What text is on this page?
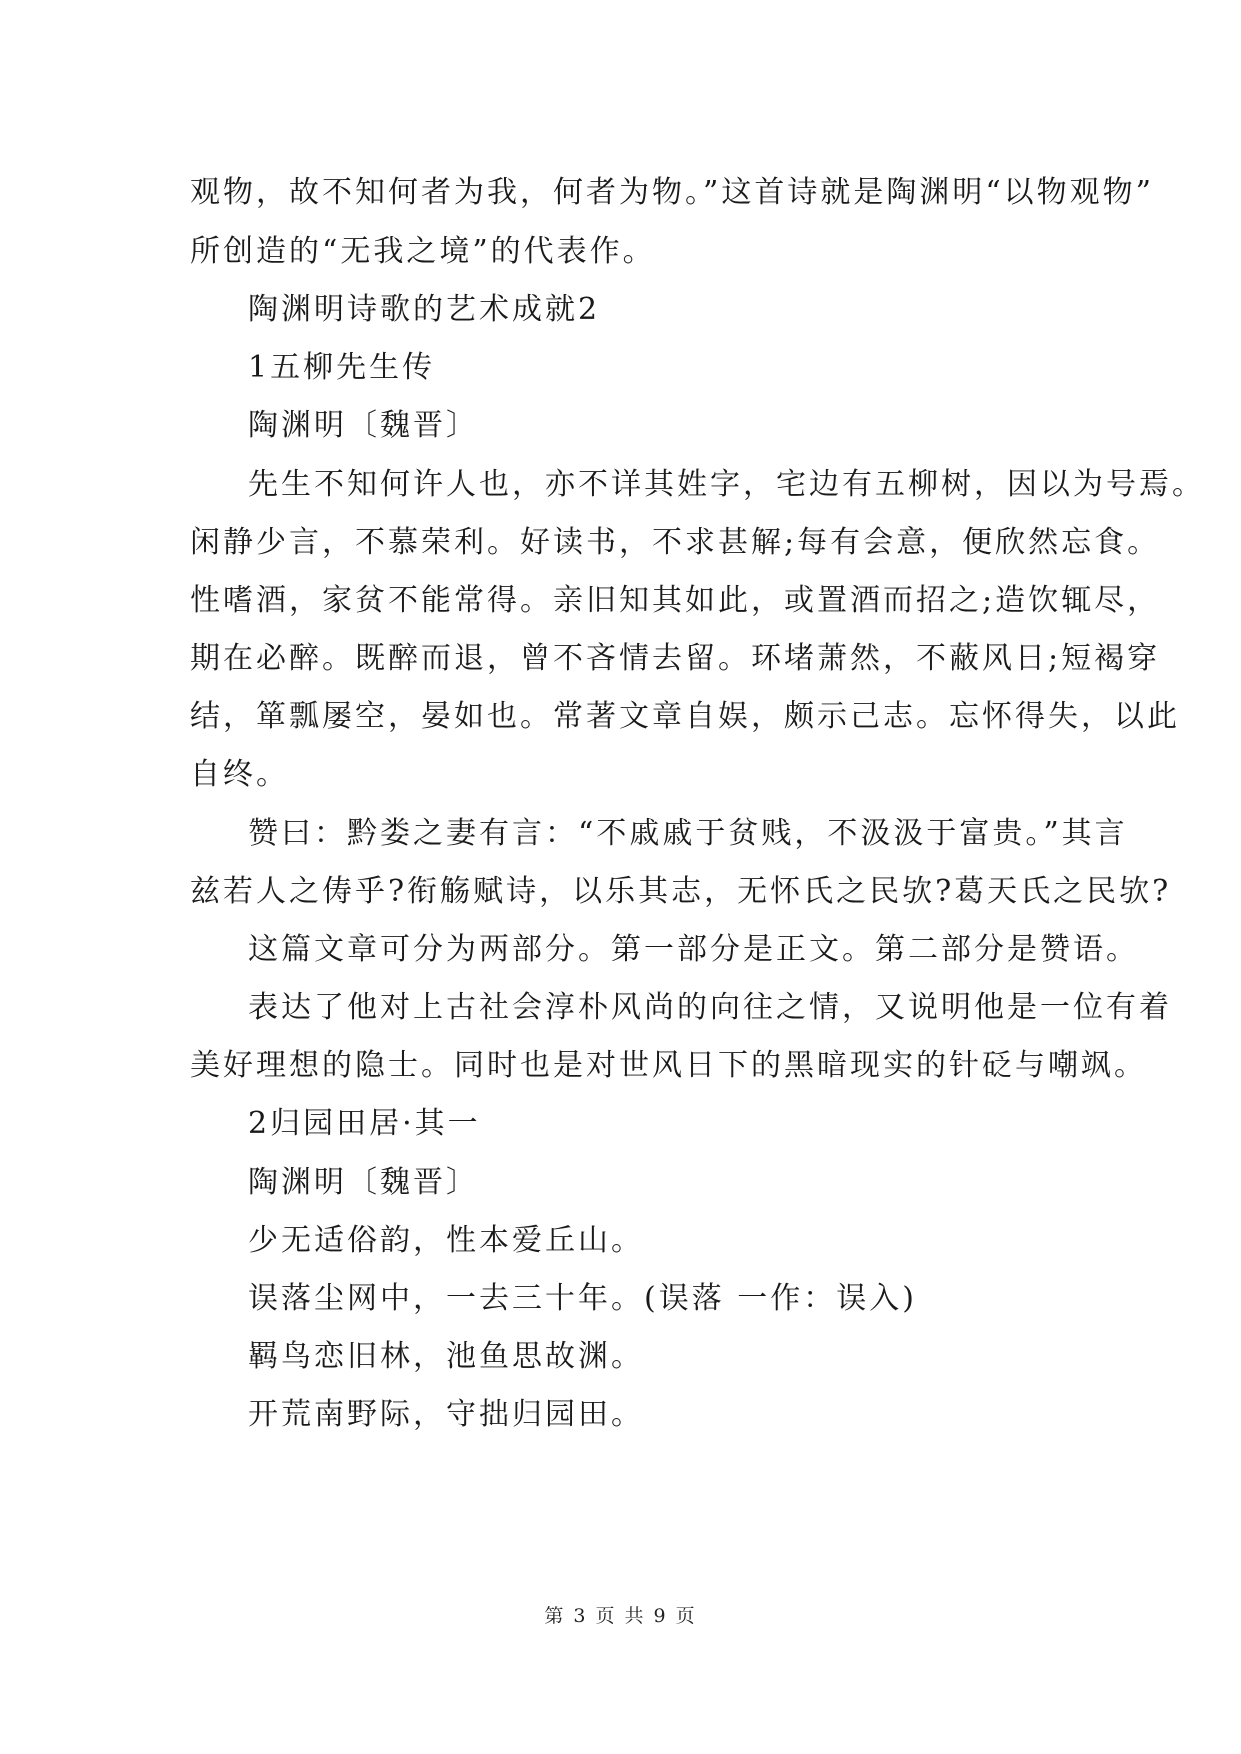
观物，故不知何者为我，何者为物。”这首诗就是陶渊明“以物观物”
所创造的“无我之境”的代表作。
陶渊明诗歌的艺术成就2
1五柳先生传
陶渊明〔魏晋〕
先生不知何许人也，亦不详其姓字，宅边有五柳树，因以为号焉。
闲静少言，不慕荣利。好读书，不求甚解;每有会意，便欣然忘食。
性嗜酒，家贫不能常得。亲旧知其如此，或置酒而招之;造饮辄尽，
期在必醉。既醉而退，曾不吝情去留。环堵萧然，不蔽风日;短褐穿
结，箪瓢屡空，晏如也。常著文章自娱，颇示己志。忘怀得失，以此
自终。
赞曰：黔娄之妻有言：“不戚戚于贫贱，不汲汲于富贵。”其言
兹若人之俦乎?衔觞赋诗，以乐其志，无怀氏之民欤?葛天氏之民欤?
这篇文章可分为两部分。第一部分是正文。第二部分是赞语。
表达了他对上古社会淳朴风尚的向往之情，又说明他是一位有着
美好理想的隐士。同时也是对世风日下的黑暗现实的针砭与嘲飒。
2归园田居·其一
陶渊明〔魏晋〕
少无适俗韵，性本爱丘山。
误落尘网中，一去三十年。(误落 一作：误入)
羁鸟恋旧林，池鱼思故渊。
开荒南野际，守拙归园田。
第 3 页 共 9 页
